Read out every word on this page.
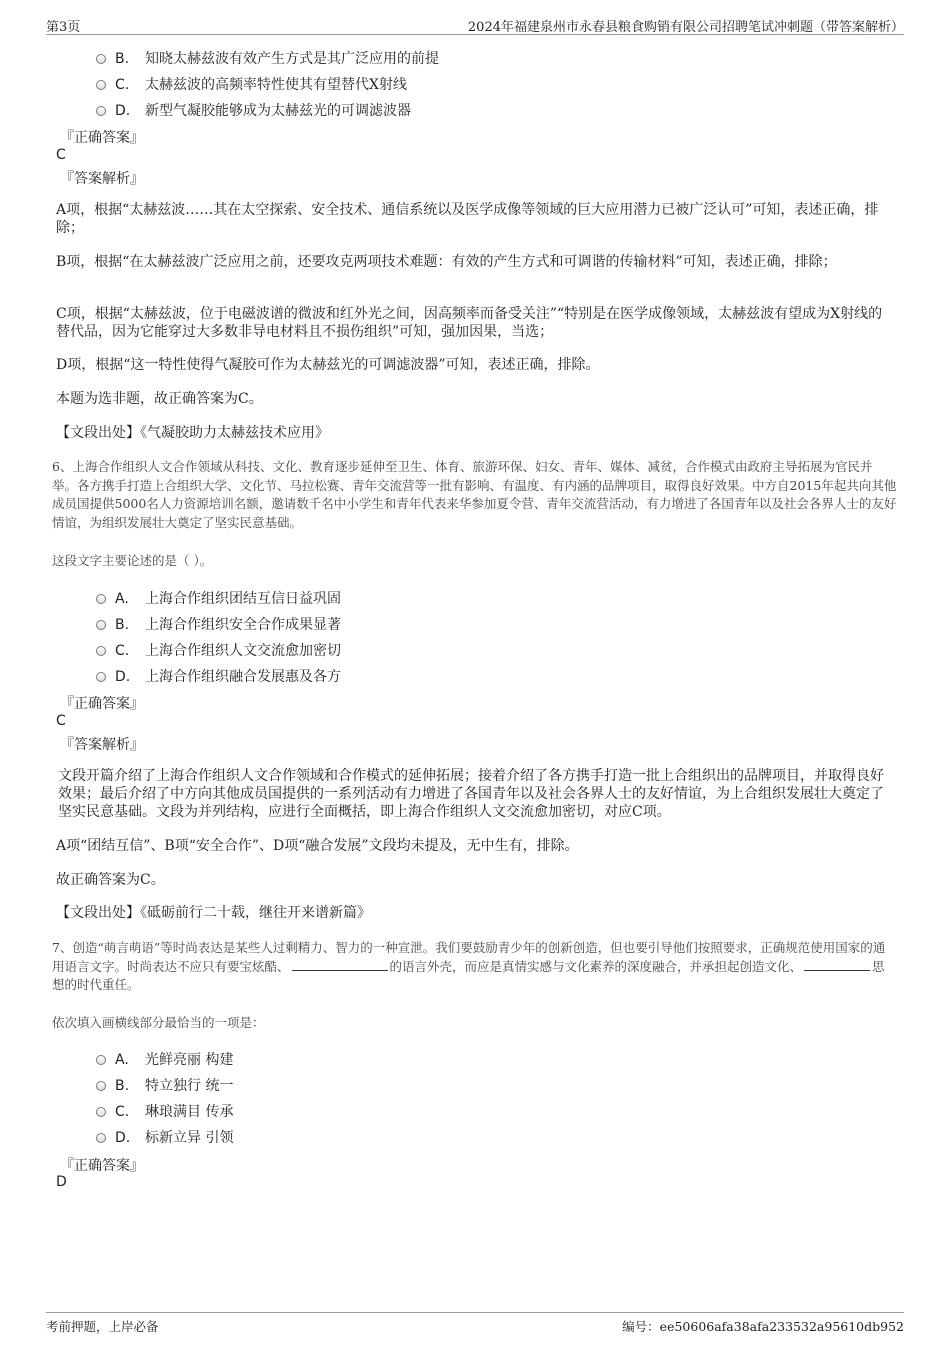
第3页	2024年福建泉州市永春县粮食购销有限公司招聘笔试冲刺题（带答案解析）
B. 知晓太赫兹波有效产生方式是其广泛应用的前提
C. 太赫兹波的高频率特性使其有望替代X射线
D. 新型气凝胶能够成为太赫兹光的可调滤波器
『正确答案』
C
『答案解析』
A项，根据“太赫兹波……其在太空探索、安全技术、通信系统以及医学成像等领域的巨大应用潜力已被广泛认可”可知，表述正确，排除；
B项，根据“在太赫兹波广泛应用之前，还要攻克两项技术难题：有效的产生方式和可调谐的传输材料”可知，表述正确，排除；
C项，根据“太赫兹波，位于电磁波谱的微波和红外光之间，因高频率而备受关注”“特别是在医学成像领域，太赫兹波有望成为X射线的替代品，因为它能穿过大多数非导电材料且不损伤组织”可知，强加因果，当选；
D项，根据“这一特性使得气凝胶可作为太赫兹光的可调滤波器”可知，表述正确，排除。
本题为选非题，故正确答案为C。
【文段出处】《气凝胶助力太赫兹技术应用》
6、上海合作组织人文合作领域从科技、文化、教育逐步延伸至卫生、体育、旅游环保、妇女、青年、媒体、减贫，合作模式由政府主导拓展为官民并举。各方携手打造上合组织大学、文化节、马拉松赛、青年交流营等一批有影响、有温度、有内涵的品牌项目，取得良好效果。中方自2015年起共向其他成员国提供5000名人力资源培训名额，邀请数千名中小学生和青年代表来华参加夏令营、青年交流营活动，有力增进了各国青年以及社会各界人士的友好情谊，为组织发展壮大奠定了坚实民意基础。
这段文字主要论述的是（ ）。
A. 上海合作组织团结互信日益巩固
B. 上海合作组织安全合作成果显著
C. 上海合作组织人文交流愈加密切
D. 上海合作组织融合发展惠及各方
『正确答案』
C
『答案解析』
文段开篇介绍了上海合作组织人文合作领域和合作模式的延伸拓展；接着介绍了各方携手打造一批上合组织出的品牌项目，并取得良好效果；最后介绍了中方向其他成员国提供的一系列活动有力增进了各国青年以及社会各界人士的友好情谊，为上合组织发展壮大奠定了坚实民意基础。文段为并列结构，应进行全面概括，即上海合作组织人文交流愈加密切，对应C项。
A项“团结互信”、B项“安全合作”、D项“融合发展”文段均未提及，无中生有，排除。
故正确答案为C。
【文段出处】《砥砺前行二十载，继往开来谱新篇》
7、创造“萌言萌语”等时尚表达是某些人过剩精力、智力的一种宣泄。我们要鼓励青少年的创新创造，但也要引导他们按照要求，正确规范使用国家的通用语言文字。时尚表达不应只有要宝炫酷、	的语言外壳，而应是真情实感与文化素养的深度融合，并承担起创造文化、	思想的时代重任。
依次填入画横线部分最恰当的一项是：
A. 光鲜亮丽 构建
B. 特立独行 统一
C. 琳琅满目 传承
D. 标新立异 引领
『正确答案』
D
考前押题，上岸必备	编号：ee50606afa38afa233532a95610db952
